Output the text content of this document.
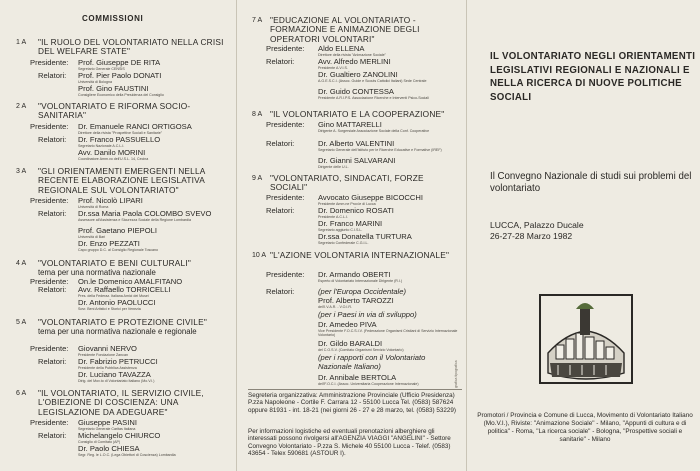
COMMISSIONI
1 A "IL RUOLO DEL VOLONTARIATO NELLA CRISI DEL WELFARE STATE"
Presidente: Prof. Giuseppe DE RITA
Segretario Generale CENSIS
Relatori: Prof. Pier Paolo DONATI
Università di Bologna
Prof. Gino FAUSTINI
Consigliere Economico della Presidenza del Consiglio
2 A "VOLONTARIATO E RIFORMA SOCIO-SANITARIA"
Presidente: Dr. Emanuele RANCI ORTIGOSA
Direttore della rivista "Prospettive Sociali e Sanitarie"
Relatori: Dr. Franco PASSUELLO
Segretario Nazionale A.C.L.I.
Avv. Danilo MORINI
Coordinatore Amm.vo dell'U.S.L. 14, Cecina
3 A "GLI ORIENTAMENTI EMERGENTI NELLA RECENTE ELABORAZIONE LEGISLATIVA REGIONALE SUL VOLONTARIATO"
Presidente: Prof. Nicolò LIPARI
Università di Roma
Relatori: Dr.ssa Maria Paola COLOMBO SVEVO
Assessore all'Assistenza e Sicurezza Sociale della Regione Lombardia
Prof. Gaetano PIEPOLI
Università di Bari
Dr. Enzo PEZZATI
Capo gruppo D.C. al Consiglio Regionale Toscano
4 A "VOLONTARIATO E BENI CULTURALI"
tema per una normativa nazionale
Presidente: On.le Domenico AMALFITANO
Relatori: Avv. Raffaello TORRICELLI
Pres. della Federaz. Italiana Amici dei Musei
Dr. Antonio PAOLUCCI
Sovr. Beni Artistici e Storici per Venezia
5 A "VOLONTARIATO E PROTEZIONE CIVILE"
tema per una normativa nazionale e regionale
Presidente: Giovanni NERVO
Presidente Fondazione Zancan
Relatori: Dr. Fabrizio PETRUCCI
Presidente della Pubblica Assistenza
Dr. Luciano TAVAZZA
Dirig. del Mov.to di Volontariato Italiano (Mo.V.I.)
6 A "IL VOLONTARIATO, IL SERVIZIO CIVILE, L'OBIEZIONE DI COSCIENZA: UNA LEGISLAZIONE DA ADEGUARE"
Presidente: Giuseppe PASINI
Segretario Generale Caritas Italiana
Relatori: Michelangelo CHIURCO
Consiglio di Comitato (AP)
Dr. Paolo CHIESA
Segr. Reg. le L.O.C. (Lega Obiettori di Coscienza) Lombardia
7 A "EDUCAZIONE AL VOLONTARIATO - FORMAZIONE E ANIMAZIONE DEGLI OPERATORI VOLONTARI"
Presidente: Aldo ELLENA
Direttore della rivista "Animazione Sociale"
Relatori:	Avv. Alfredo MERLINI
Presidente A.V.I.S.
Dr. Gualtiero ZANOLINI
A.G.E.S.C.I. (Assoc. Guide e Scouts Cattolici Italiani) Sede Centrale
Dr. Guido CONTESSA
Presidente A.R.I.P.S. Associazione Ricerche e Interventi Psico-Sociali
8 A "IL VOLONTARIATO E LA COOPERAZIONE"
Presidente: Gino MATTARELLI
Dirigente A. Sorgersiale Associazione Sociale della Conf. Cooperative
Relatori:	Dr. Alberto VALENTINI
Segretario Generale dell'Istituto per le Ricerche Educative e Formative (IREF)
Dr. Gianni SALVARANI
Dirigente delle U.L.
9 A "VOLONTARIATO, SINDACATI, FORZE SOCIALI"
Presidente: Avvocato Giuseppe BICOCCHI
Presidente Amm.ne Prov.le di Lucca
Relatori:	Dr. Domenico ROSATI
Presidente A.C.L.I.
Dr. Franco MARINI
Segretario aggiunto C.I.S.L.
Dr.ssa Donatella TURTURA
Segretario Confederale C.G.I.L.
10 A "L'AZIONE VOLONTARIA INTERNAZIONALE"
Presidente: Dr. Armando OBERTI
Esperto di Volontariato Internazionale Dirigente (R.I.)
Relatori:	(per l'Europa Occidentale)
Prof. Alberto TAROZZI
dell'I.V.A.R. - V.O.I.R.
(per i Paesi in via di sviluppo)
Dr. Amedeo PIVA
Vice Presidente F.O.C.S.I.V. (Federazione Organismi Cristiani di Servizio Internazionale Volontario)
Dr. Gildo BARALDI
del C.O.S.V. (Comitato Organismi Servizio Volontario)
(per i rapporti con il Volontariato Nazionale Italiano)
Dr. Annibale BERTOLA
dell'F.O.C.I. (Assoc. Universitaria Cooperazione Internazionale)
Segreteria organizzativa: Amministrazione Provinciale (Ufficio Presidenza) P.zza Napoleone - Cortile F. Carrara 12 - 55100 Lucca Tel. (0583) 587624 oppure 81931 - int. 18-21 (nei giorni 26 - 27 e 28 marzo, tel. (0583) 53229)
Per informazioni logistiche ed eventuali prenotazioni alberghiere gli interessati possono rivolgersi all'AGENZIA VIAGGI "ANGELINI" - Settore Convegno Volontariato - P.zza S. Michele 40 55100 Lucca - Telef. (0583) 43654 - Telex 590681 (ASTOUR I).
grafica tipografica
IL VOLONTARIATO NEGLI ORIENTAMENTI LEGISLATIVI REGIONALI E NAZIONALI E NELLA RICERCA DI NUOVE POLITICHE SOCIALI
Il Convegno Nazionale di studi sui problemi del volontariato
LUCCA, Palazzo Ducale
26-27-28 Marzo 1982
Promotori / Provincia e Comune di Lucca, Movimento di Volontariato Italiano (Mo.V.I.), Riviste: "Animazione Sociale" - Milano, "Appunti di cultura e di politica" - Roma, "La ricerca sociale" - Bologna, "Prospettive sociali e sanitarie" - Milano
